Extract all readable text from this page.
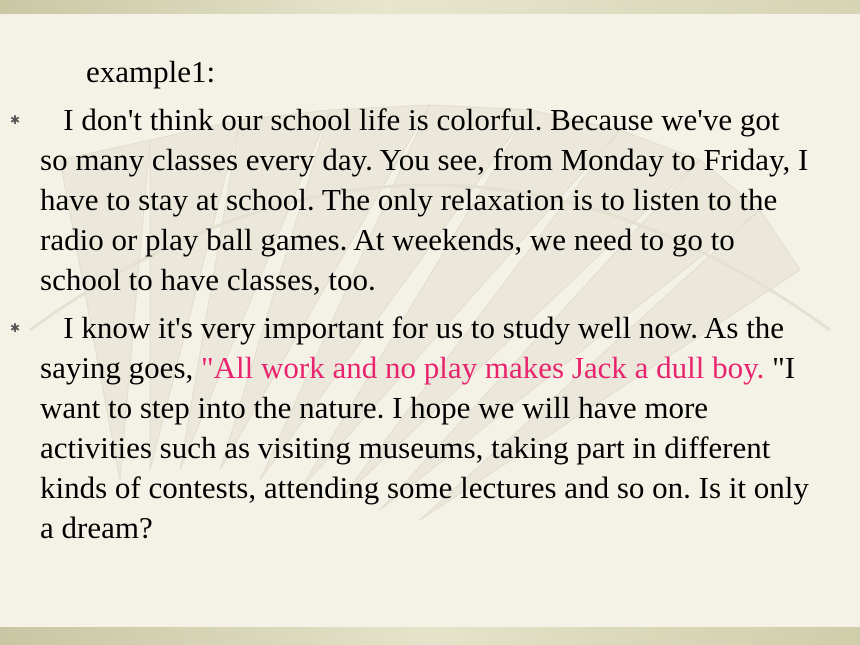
example1:
✱ I don't think our school life is colorful. Because we've got
so many classes every day. You see, from Monday to Friday, I
have to stay at school. The only relaxation is to listen to the
radio or play ball games. At weekends, we need to go to
school to have classes, too.
✱ I know it's very important for us to study well now. As the
saying goes, "All work and no play makes Jack a dull boy. "I
want to step into the nature. I hope we will have more
activities such as visiting museums, taking part in different
kinds of contests, attending some lectures and so on. Is it only
a dream?
